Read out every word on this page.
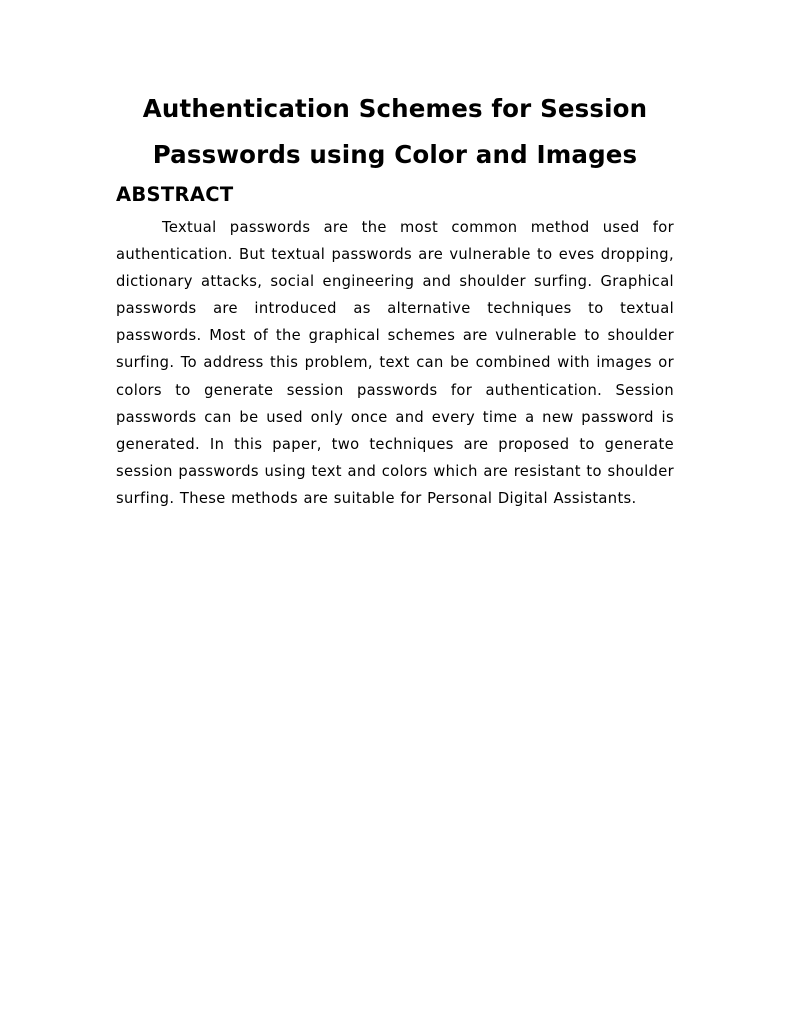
Authentication Schemes for Session
Passwords using Color and Images
ABSTRACT

Textual passwords are the most common method used for authentication. But textual passwords are vulnerable to eves dropping, dictionary attacks, social engineering and shoulder surfing. Graphical passwords are introduced as alternative techniques to textual passwords. Most of the graphical schemes are vulnerable to shoulder surfing. To address this problem, text can be combined with images or colors to generate session passwords for authentication. Session passwords can be used only once and every time a new password is generated. In this paper, two techniques are proposed to generate session passwords using text and colors which are resistant to shoulder surfing. These methods are suitable for Personal Digital Assistants.
